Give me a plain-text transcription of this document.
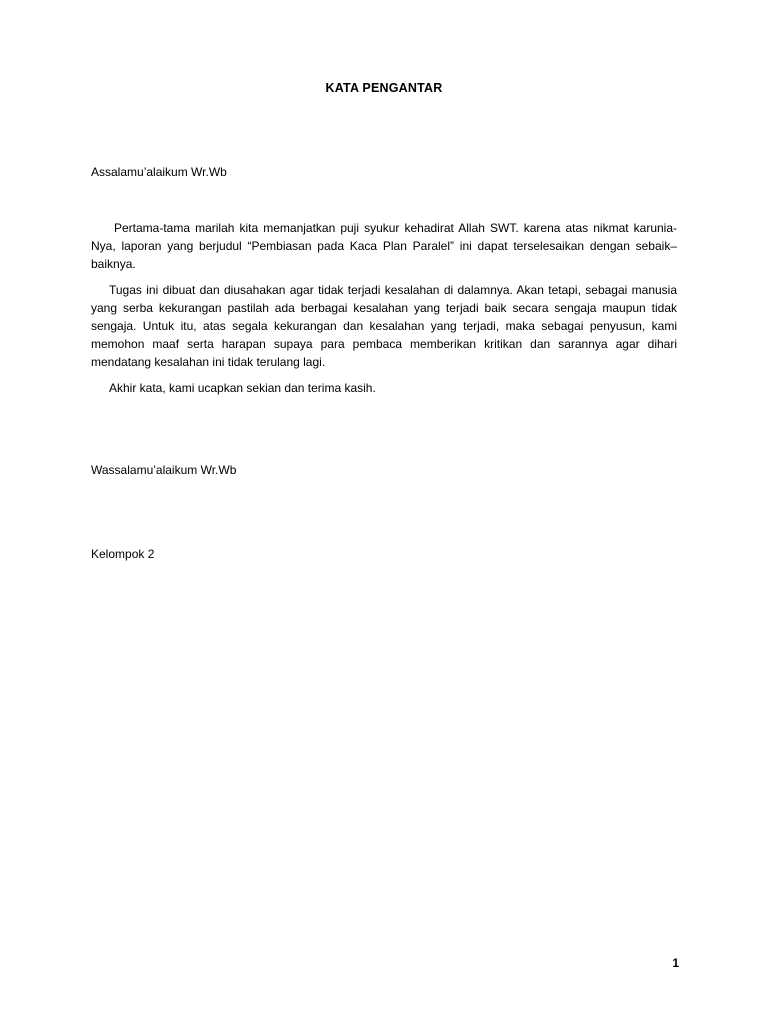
KATA PENGANTAR

Assalamu’alaikum Wr.Wb

Pertama-tama marilah kita memanjatkan puji syukur kehadirat Allah SWT. karena atas nikmat karunia-Nya, laporan yang berjudul “Pembiasan pada Kaca Plan Paralel” ini dapat terselesaikan dengan sebaik–baiknya.

Tugas ini dibuat dan diusahakan agar tidak terjadi kesalahan di dalamnya. Akan tetapi, sebagai manusia yang serba kekurangan pastilah ada berbagai kesalahan yang terjadi baik secara sengaja maupun tidak sengaja. Untuk itu, atas segala kekurangan dan kesalahan yang terjadi, maka sebagai penyusun, kami memohon maaf serta harapan supaya para pembaca memberikan kritikan dan sarannya agar dihari mendatang kesalahan ini tidak terulang lagi.

Akhir kata, kami ucapkan sekian dan terima kasih.

Wassalamu’alaikum Wr.Wb

Kelompok 2

1
